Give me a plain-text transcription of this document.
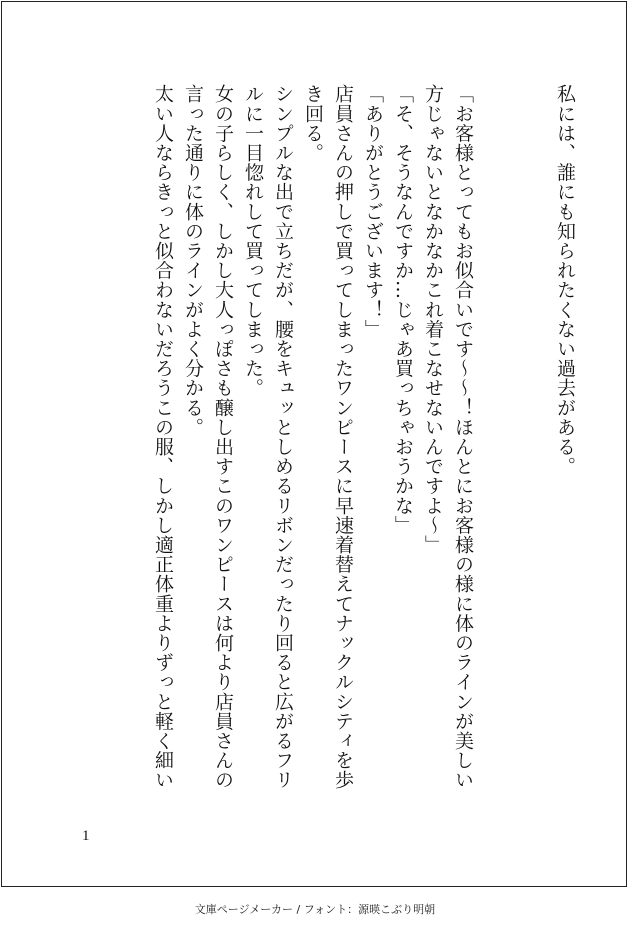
私には、誰にも知られたくない過去がある。
「お客様とってもお似合いです～～！ほんとにお客様の様に体のラインが美しい
方じゃないとなかなかこれ着こなせないんですよ～」
「そ、そうなんですか…じゃあ買っちゃおうかな」
「ありがとうございます！」
店員さんの押しで買ってしまったワンピースに早速着替えてナックルシティを歩
き回る。
シンプルな出で立ちだが、腰をキュッとしめるリボンだったり回ると広がるフリ
ルに一目惚れして買ってしまった。
女の子らしく、しかし大人っぽさも醸し出すこのワンピースは何より店員さんの
言った通りに体のラインがよく分かる。
太い人ならきっと似合わないだろうこの服、しかし適正体重よりずっと軽く細い
1
文庫ページメーカー / フォント：源暎こぶり明朝
